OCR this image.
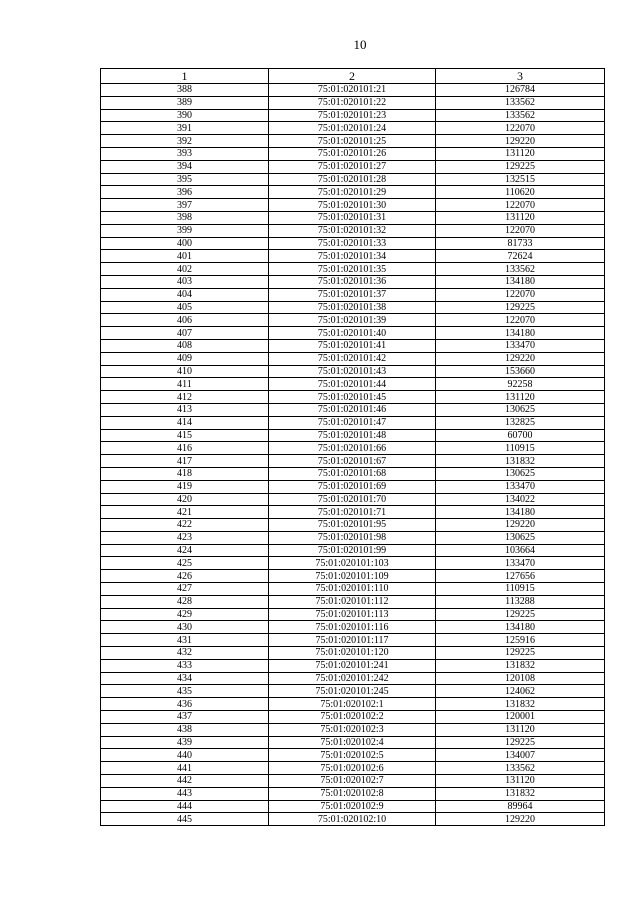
10
1	2	3
388	75:01:020101:21	126784
389	75:01:020101:22	133562
390	75:01:020101:23	133562
391	75:01:020101:24	122070
392	75:01:020101:25	129220
393	75:01:020101:26	131120
394	75:01:020101:27	129225
395	75:01:020101:28	132515
396	75:01:020101:29	110620
397	75:01:020101:30	122070
398	75:01:020101:31	131120
399	75:01:020101:32	122070
400	75:01:020101:33	81733
401	75:01:020101:34	72624
402	75:01:020101:35	133562
403	75:01:020101:36	134180
404	75:01:020101:37	122070
405	75:01:020101:38	129225
406	75:01:020101:39	122070
407	75:01:020101:40	134180
408	75:01:020101:41	133470
409	75:01:020101:42	129220
410	75:01:020101:43	153660
411	75:01:020101:44	92258
412	75:01:020101:45	131120
413	75:01:020101:46	130625
414	75:01:020101:47	132825
415	75:01:020101:48	60700
416	75:01:020101:66	110915
417	75:01:020101:67	131832
418	75:01:020101:68	130625
419	75:01:020101:69	133470
420	75:01:020101:70	134022
421	75:01:020101:71	134180
422	75:01:020101:95	129220
423	75:01:020101:98	130625
424	75:01:020101:99	103664
425	75:01:020101:103	133470
426	75:01:020101:109	127656
427	75:01:020101:110	110915
428	75:01:020101:112	113288
429	75:01:020101:113	129225
430	75:01:020101:116	134180
431	75:01:020101:117	125916
432	75:01:020101:120	129225
433	75:01:020101:241	131832
434	75:01:020101:242	120108
435	75:01:020101:245	124062
436	75:01:020102:1	131832
437	75:01:020102:2	120001
438	75:01:020102:3	131120
439	75:01:020102:4	129225
440	75:01:020102:5	134007
441	75:01:020102:6	133562
442	75:01:020102:7	131120
443	75:01:020102:8	131832
444	75:01:020102:9	89964
445	75:01:020102:10	129220
